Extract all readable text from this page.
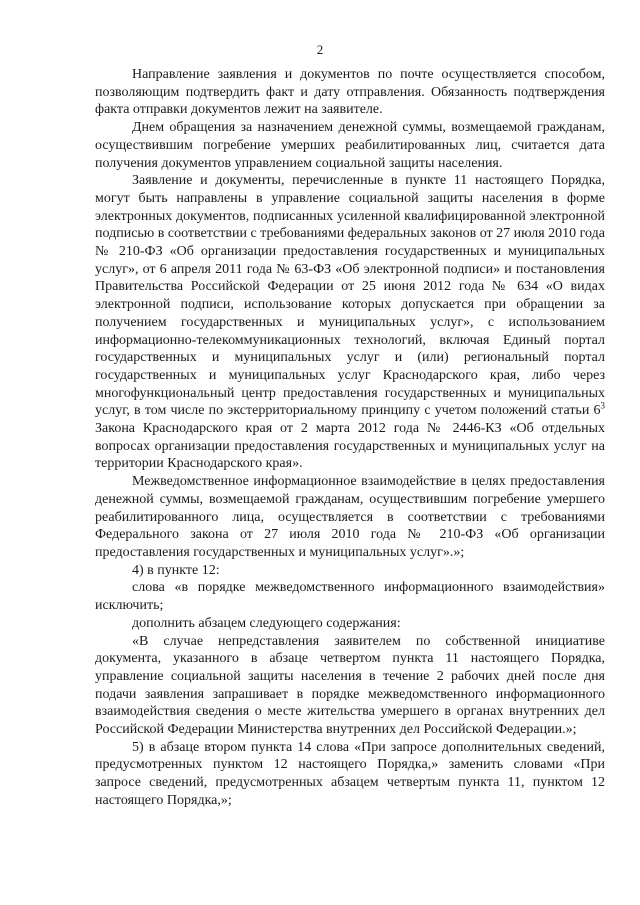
2

Направление заявления и документов по почте осуществляется способом, позволяющим подтвердить факт и дату отправления. Обязанность подтверждения факта отправки документов лежит на заявителе.

Днем обращения за назначением денежной суммы, возмещаемой гражданам, осуществившим погребение умерших реабилитированных лиц, считается дата получения документов управлением социальной защиты населения.

Заявление и документы, перечисленные в пункте 11 настоящего Порядка, могут быть направлены в управление социальной защиты населения в форме электронных документов, подписанных усиленной квалифицированной электронной подписью в соответствии с требованиями федеральных законов от 27 июля 2010 года № 210-ФЗ «Об организации предоставления государственных и муниципальных услуг», от 6 апреля 2011 года № 63-ФЗ «Об электронной подписи» и постановления Правительства Российской Федерации от 25 июня 2012 года № 634 «О видах электронной подписи, использование которых допускается при обращении за получением государственных и муниципальных услуг», с использованием информационно-телекоммуникационных технологий, включая Единый портал государственных и муниципальных услуг и (или) региональный портал государственных и муниципальных услуг Краснодарского края, либо через многофункциональный центр предоставления государственных и муниципальных услуг, в том числе по экстерриториальному принципу с учетом положений статьи $6^3$ Закона Краснодарского края от 2 марта 2012 года № 2446-КЗ «Об отдельных вопросах организации предоставления государственных и муниципальных услуг на территории Краснодарского края».

Межведомственное информационное взаимодействие в целях предоставления денежной суммы, возмещаемой гражданам, осуществившим погребение умершего реабилитированного лица, осуществляется в соответствии с требованиями Федерального закона от 27 июля 2010 года № 210-ФЗ «Об организации предоставления государственных и муниципальных услуг».»;

4) в пункте 12:

слова «в порядке межведомственного информационного взаимодействия» исключить;

дополнить абзацем следующего содержания:

«В случае непредставления заявителем по собственной инициативе документа, указанного в абзаце четвертом пункта 11 настоящего Порядка, управление социальной защиты населения в течение 2 рабочих дней после дня подачи заявления запрашивает в порядке межведомственного информационного взаимодействия сведения о месте жительства умершего в органах внутренних дел Российской Федерации Министерства внутренних дел Российской Федерации.»;

5) в абзаце втором пункта 14 слова «При запросе дополнительных сведений, предусмотренных пунктом 12 настоящего Порядка,» заменить словами «При запросе сведений, предусмотренных абзацем четвертым пункта 11, пунктом 12 настоящего Порядка,»;
